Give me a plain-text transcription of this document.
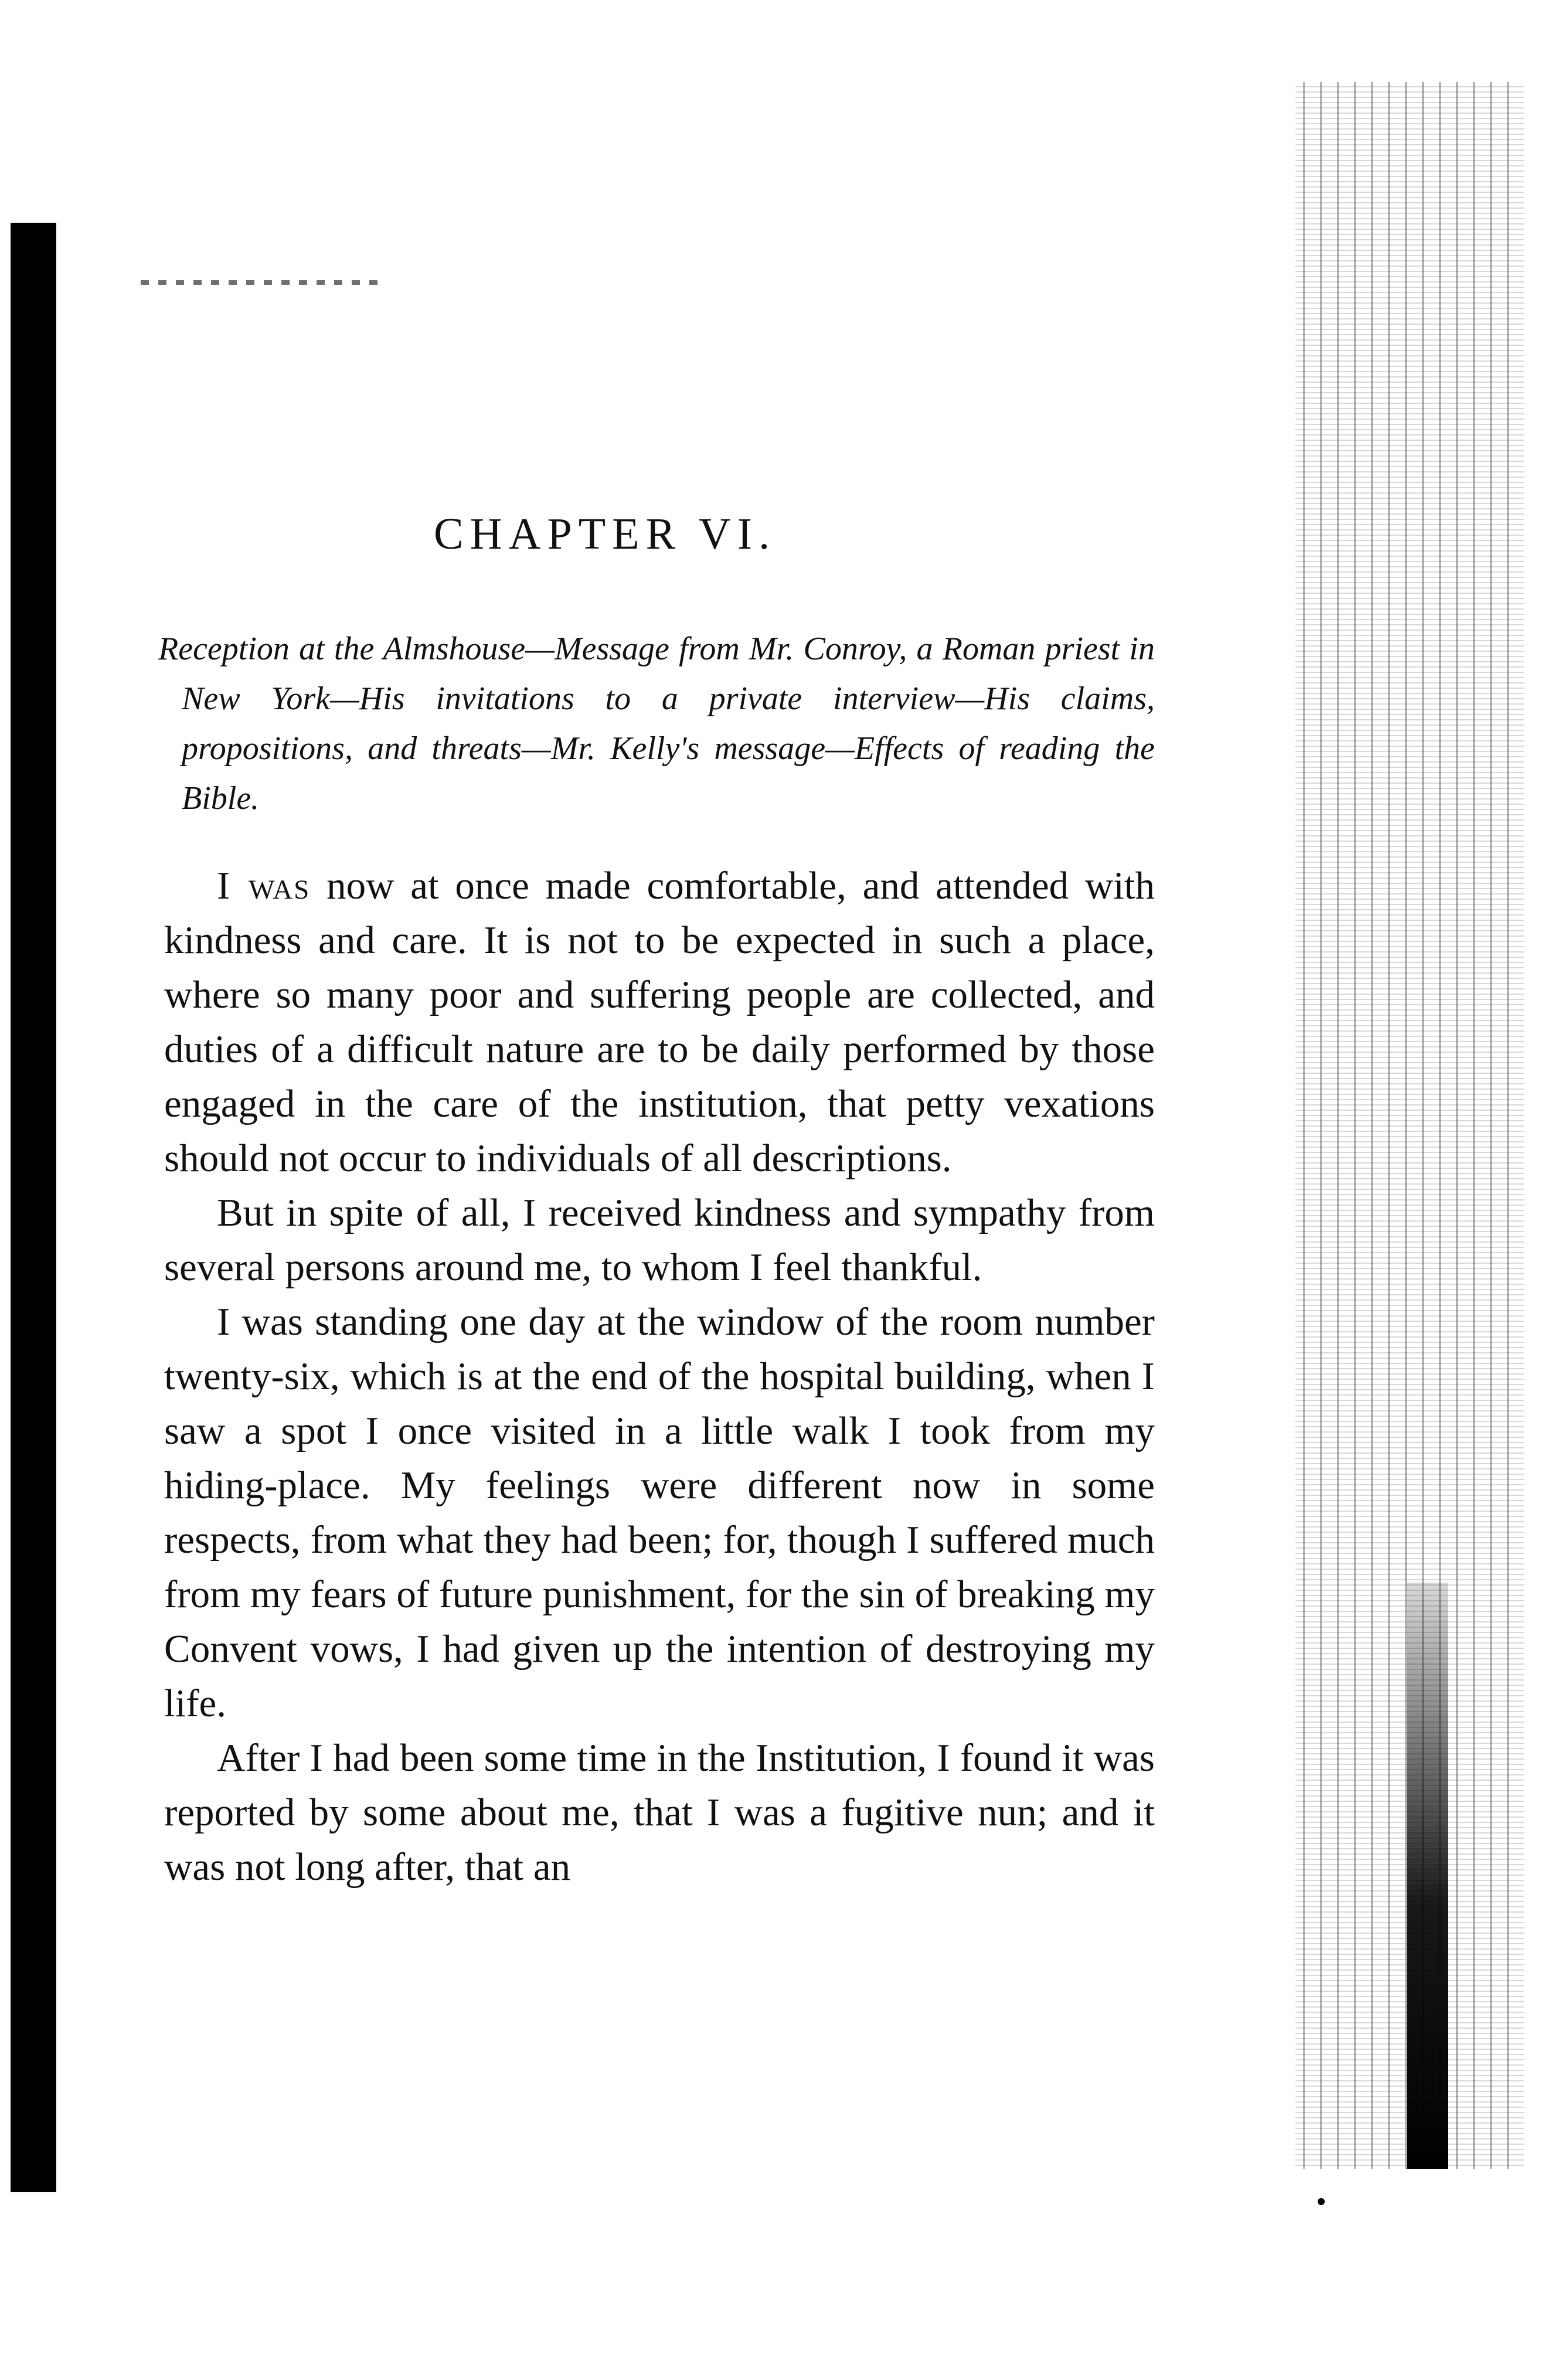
CHAPTER VI.

Reception at the Almshouse—Message from Mr. Conroy, a Roman priest in New York—His invitations to a private interview—His claims, propositions, and threats—Mr. Kelly's message—Effects of reading the Bible.

I was now at once made comfortable, and attended with kindness and care. It is not to be expected in such a place, where so many poor and suffering people are collected, and duties of a difficult nature are to be daily performed by those engaged in the care of the institution, that petty vexations should not occur to individuals of all descriptions.

But in spite of all, I received kindness and sympathy from several persons around me, to whom I feel thankful.

I was standing one day at the window of the room number twenty-six, which is at the end of the hospital building, when I saw a spot I once visited in a little walk I took from my hiding-place. My feelings were different now in some respects, from what they had been; for, though I suffered much from my fears of future punishment, for the sin of breaking my Convent vows, I had given up the intention of destroying my life.

After I had been some time in the Institution, I found it was reported by some about me, that I was a fugitive nun; and it was not long after, that an
